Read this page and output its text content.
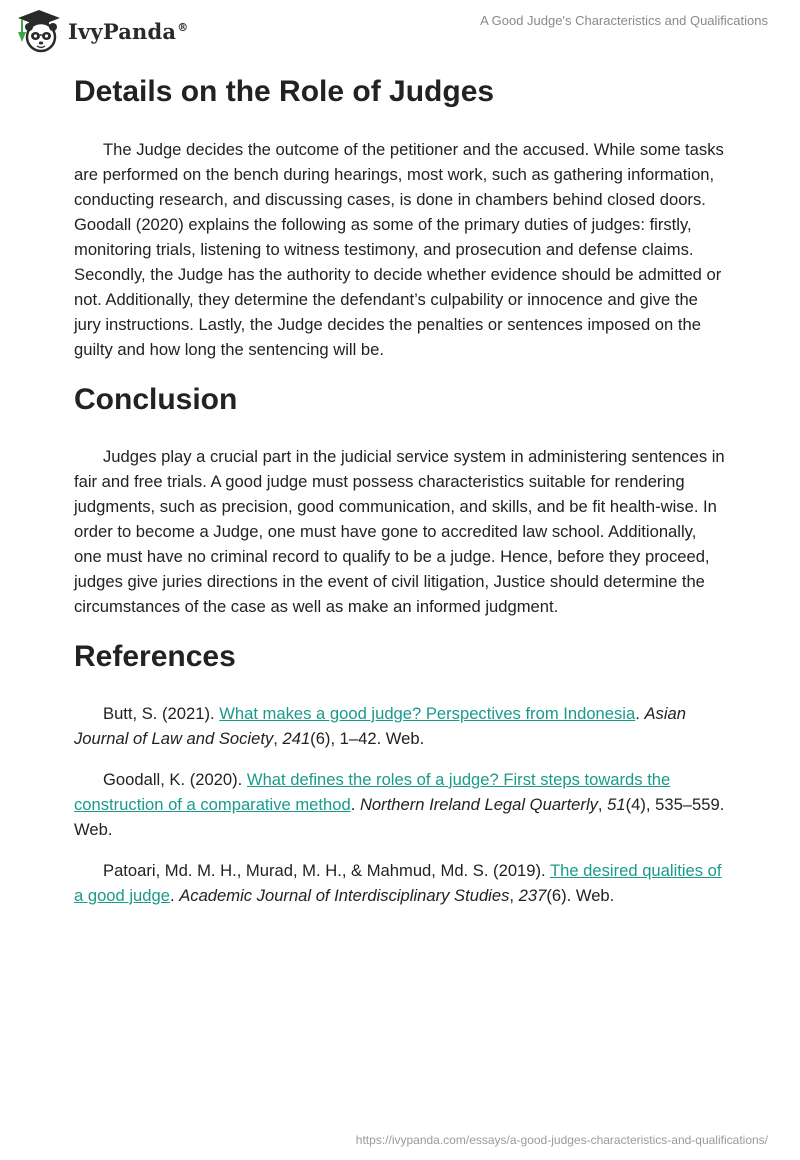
IvyPanda®	A Good Judge's Characteristics and Qualifications
Details on the Role of Judges

The Judge decides the outcome of the petitioner and the accused. While some tasks are performed on the bench during hearings, most work, such as gathering information, conducting research, and discussing cases, is done in chambers behind closed doors. Goodall (2020) explains the following as some of the primary duties of judges: firstly, monitoring trials, listening to witness testimony, and prosecution and defense claims. Secondly, the Judge has the authority to decide whether evidence should be admitted or not. Additionally, they determine the defendant’s culpability or innocence and give the jury instructions. Lastly, the Judge decides the penalties or sentences imposed on the guilty and how long the sentencing will be.

Conclusion

Judges play a crucial part in the judicial service system in administering sentences in fair and free trials. A good judge must possess characteristics suitable for rendering judgments, such as precision, good communication, and skills, and be fit health-wise. In order to become a Judge, one must have gone to accredited law school. Additionally, one must have no criminal record to qualify to be a judge. Hence, before they proceed, judges give juries directions in the event of civil litigation, Justice should determine the circumstances of the case as well as make an informed judgment.

References

Butt, S. (2021). What makes a good judge? Perspectives from Indonesia. Asian Journal of Law and Society, 241(6), 1–42. Web.

Goodall, K. (2020). What defines the roles of a judge? First steps towards the construction of a comparative method. Northern Ireland Legal Quarterly, 51(4), 535–559. Web.

Patoari, Md. M. H., Murad, M. H., & Mahmud, Md. S. (2019). The desired qualities of a good judge. Academic Journal of Interdisciplinary Studies, 237(6). Web.

https://ivypanda.com/essays/a-good-judges-characteristics-and-qualifications/
